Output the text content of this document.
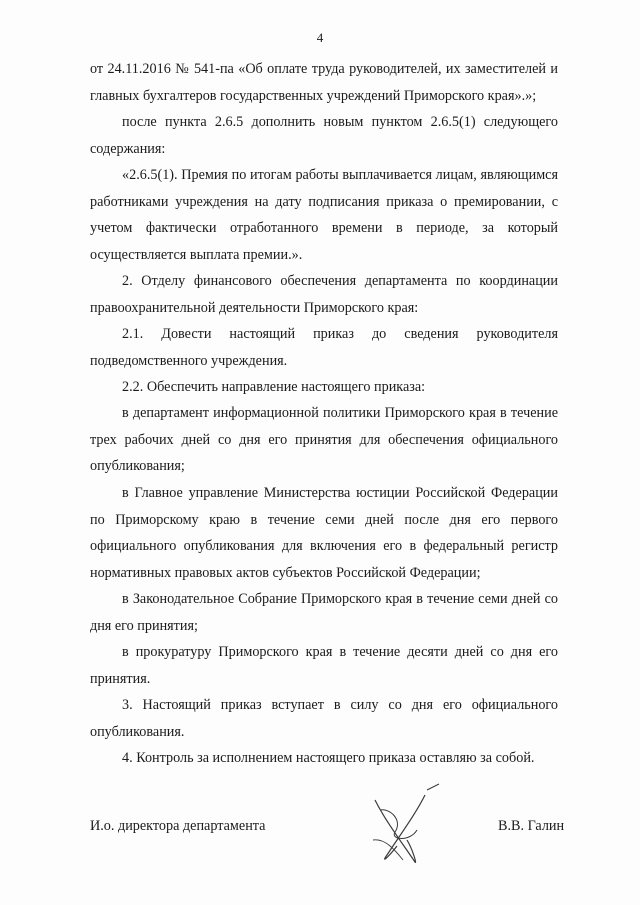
4

от 24.11.2016 № 541-па «Об оплате труда руководителей, их заместителей и главных бухгалтеров государственных учреждений Приморского края».»;

после пункта 2.6.5 дополнить новым пунктом 2.6.5(1) следующего содержания:

«2.6.5(1). Премия по итогам работы выплачивается лицам, являющимся работниками учреждения на дату подписания приказа о премировании, с учетом фактически отработанного времени в периоде, за который осуществляется выплата премии.».

2. Отделу финансового обеспечения департамента по координации правоохранительной деятельности Приморского края:

2.1. Довести настоящий приказ до сведения руководителя подведомственного учреждения.

2.2. Обеспечить направление настоящего приказа:

в департамент информационной политики Приморского края в течение трех рабочих дней со дня его принятия для обеспечения официального опубликования;

в Главное управление Министерства юстиции Российской Федерации по Приморскому краю в течение семи дней после дня его первого официального опубликования для включения его в федеральный регистр нормативных правовых актов субъектов Российской Федерации;

в Законодательное Собрание Приморского края в течение семи дней со дня его принятия;

в прокуратуру Приморского края в течение десяти дней со дня его принятия.

3. Настоящий приказ вступает в силу со дня его официального опубликования.

4. Контроль за исполнением настоящего приказа оставляю за собой.

И.о. директора департамента	В.В. Галин
